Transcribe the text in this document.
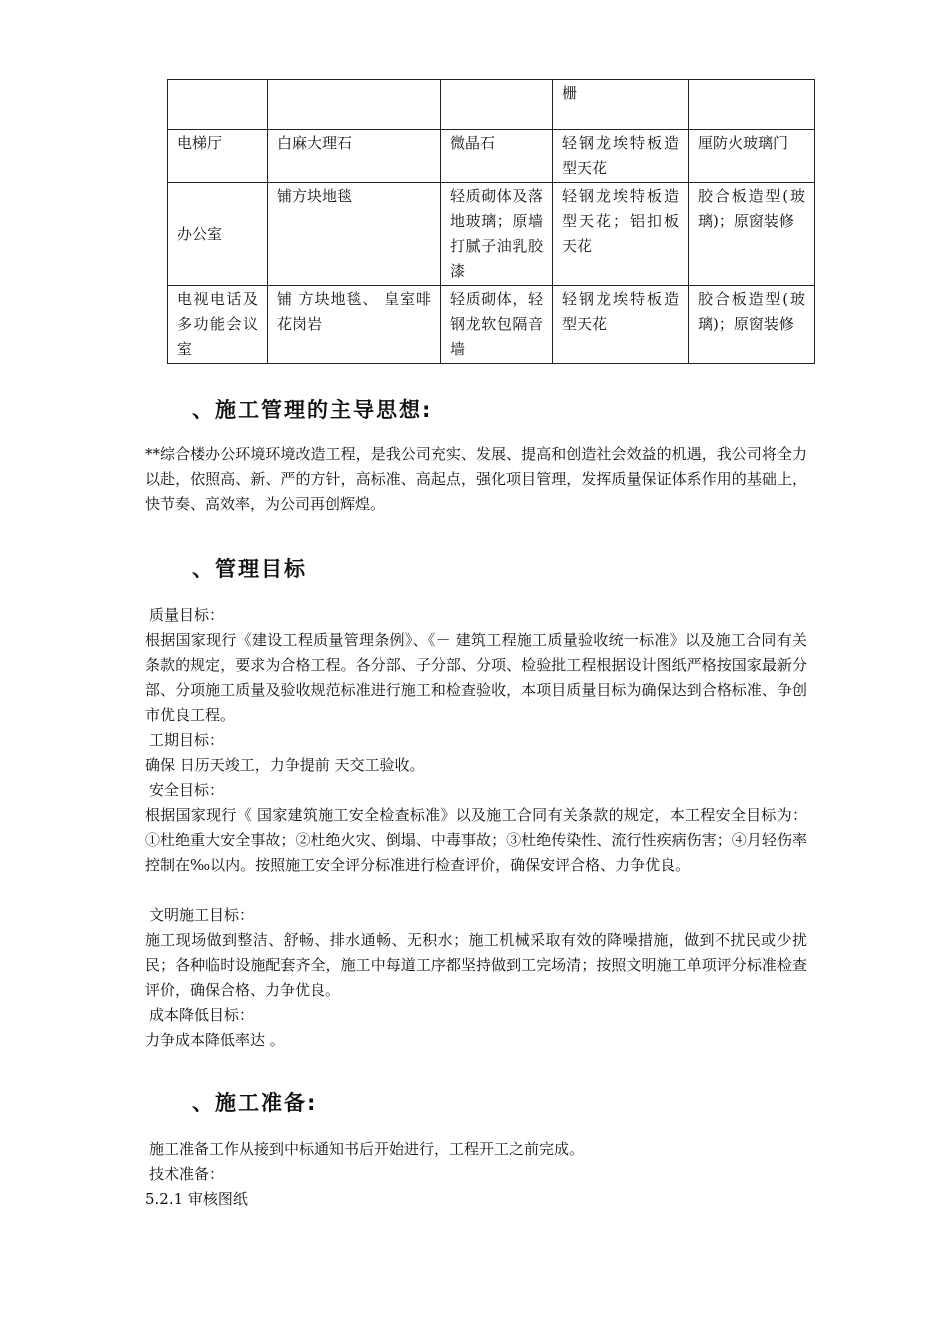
			栅	
电梯厅	白麻大理石	微晶石	轻钢龙埃特板造型天花	厘防火玻璃门
办公室	铺方块地毯	轻质砌体及落地玻璃；原墙打腻子油乳胶漆	轻钢龙埃特板造型天花；铝扣板天花	胶合板造型(玻璃)；原窗装修
电视电话及多功能会议室	铺 方块地毯、 皇室啡花岗岩	轻质砌体，轻钢龙软包隔音墙	轻钢龙埃特板造型天花	胶合板造型(玻璃)；原窗装修
、施工管理的主导思想:
**综合楼办公环境环境改造工程，是我公司充实、发展、提高和创造社会效益的机遇，我公司将全力以赴，依照高、新、严的方针，高标准、高起点，强化项目管理，发挥质量保证体系作用的基础上，快节奏、高效率，为公司再创辉煌。
、管理目标
质量目标：
根据国家现行《建设工程质量管理条例》、《－ 建筑工程施工质量验收统一标准》以及施工合同有关条款的规定，要求为合格工程。各分部、子分部、分项、检验批工程根据设计图纸严格按国家最新分部、分项施工质量及验收规范标准进行施工和检查验收，本项目质量目标为确保达到合格标准、争创市优良工程。
工期目标：
确保 日历天竣工，力争提前 天交工验收。
安全目标：
根据国家现行《 国家建筑施工安全检查标准》以及施工合同有关条款的规定，本工程安全目标为：①杜绝重大安全事故；②杜绝火灾、倒塌、中毒事故；③杜绝传染性、流行性疾病伤害；④月轻伤率控制在‰以内。按照施工安全评分标准进行检查评价，确保安评合格、力争优良。
文明施工目标：
施工现场做到整洁、舒畅、排水通畅、无积水；施工机械采取有效的降噪措施，做到不扰民或少扰民；各种临时设施配套齐全，施工中每道工序都坚持做到工完场清；按照文明施工单项评分标准检查评价，确保合格、力争优良。
成本降低目标：
力争成本降低率达 。
、施工准备:
施工准备工作从接到中标通知书后开始进行，工程开工之前完成。
技术准备：
5.2.1 审核图纸
